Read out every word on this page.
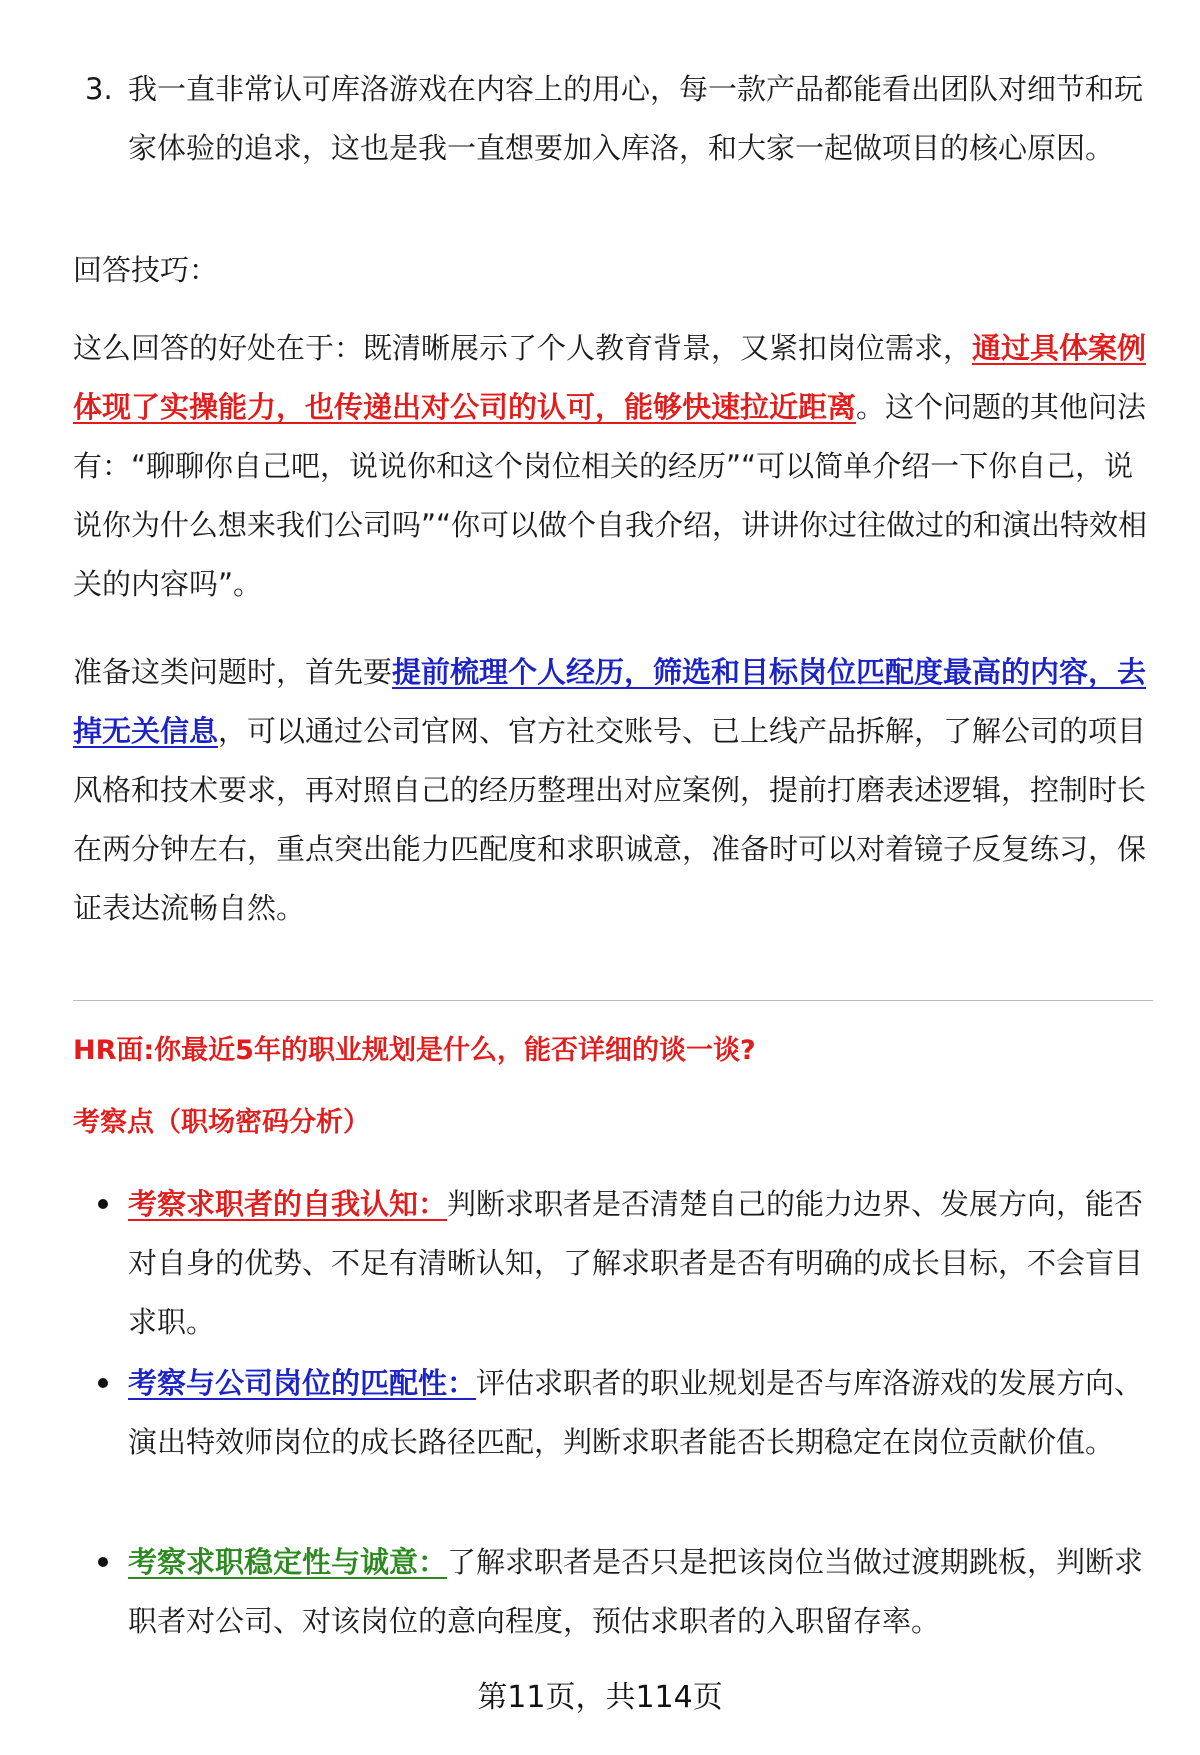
3. 我一直非常认可库洛游戏在内容上的用心，每一款产品都能看出团队对细节和玩家体验的追求，这也是我一直想要加入库洛，和大家一起做项目的核心原因。

回答技巧：

这么回答的好处在于：既清晰展示了个人教育背景，又紧扣岗位需求，通过具体案例体现了实操能力，也传递出对公司的认可，能够快速拉近距离。这个问题的其他问法有：“聊聊你自己吧，说说你和这个岗位相关的经历”“可以简单介绍一下你自己，说说你为什么想来我们公司吗”“你可以做个自我介绍，讲讲你过往做过的和演出特效相关的内容吗”。

准备这类问题时，首先要提前梳理个人经历，筛选和目标岗位匹配度最高的内容，去掉无关信息，可以通过公司官网、官方社交账号、已上线产品拆解，了解公司的项目风格和技术要求，再对照自己的经历整理出对应案例，提前打磨表述逻辑，控制时长在两分钟左右，重点突出能力匹配度和求职诚意，准备时可以对着镜子反复练习，保证表达流畅自然。

HR面:你最近5年的职业规划是什么，能否详细的谈一谈?
考察点（职场密码分析）

考察求职者的自我认知：判断求职者是否清楚自己的能力边界、发展方向，能否对自身的优势、不足有清晰认知，了解求职者是否有明确的成长目标，不会盲目求职。

考察与公司岗位的匹配性：评估求职者的职业规划是否与库洛游戏的发展方向、演出特效师岗位的成长路径匹配，判断求职者能否长期稳定在岗位贡献价值。

考察求职稳定性与诚意：了解求职者是否只是把该岗位当做过渡期跳板，判断求职者对公司、对该岗位的意向程度，预估求职者的入职留存率。

第11页，共114页
